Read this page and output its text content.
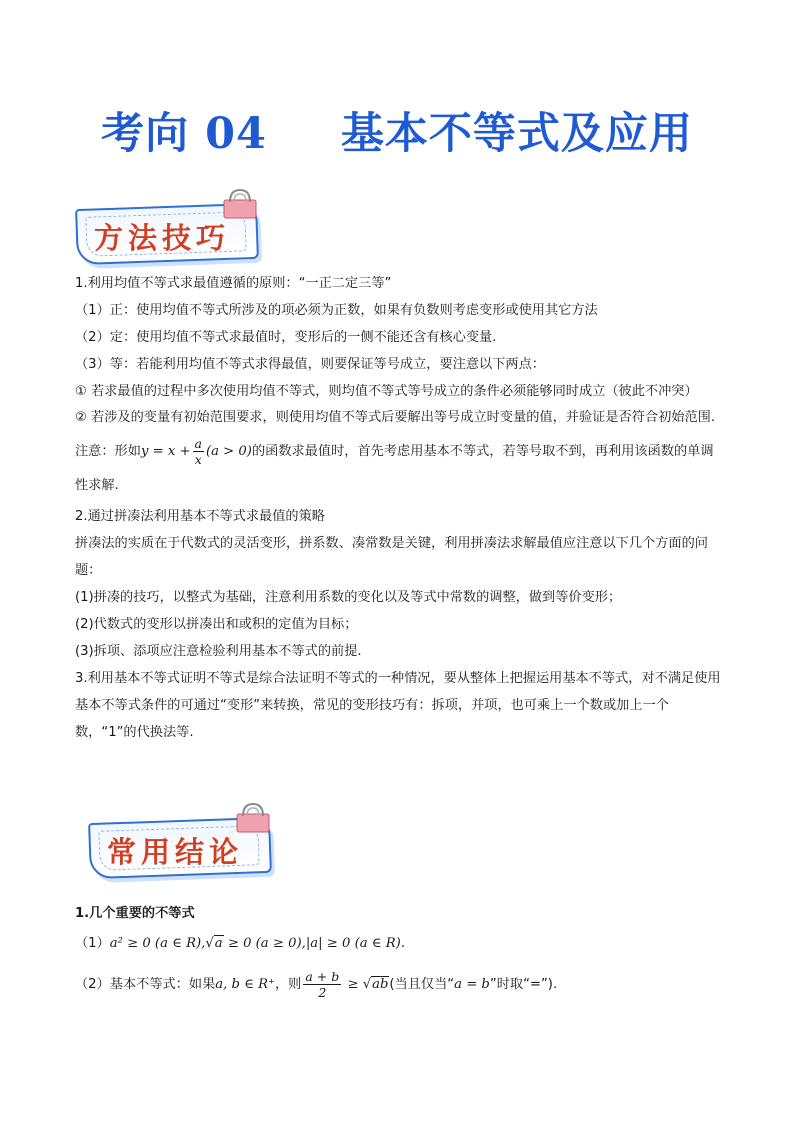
考向 04 基本不等式及应用
方法技巧
1.利用均值不等式求最值遵循的原则：“一正二定三等”
（1）正：使用均值不等式所涉及的项必须为正数，如果有负数则考虑变形或使用其它方法
（2）定：使用均值不等式求最值时，变形后的一侧不能还含有核心变量.
（3）等：若能利用均值不等式求得最值，则要保证等号成立，要注意以下两点：
① 若求最值的过程中多次使用均值不等式，则均值不等式等号成立的条件必须能够同时成立（彼此不冲突）
② 若涉及的变量有初始范围要求，则使用均值不等式后要解出等号成立时变量的值，并验证是否符合初始范围.
注意：形如$y = x + \frac{a}{x} (a > 0)$的函数求最值时，首先考虑用基本不等式，若等号取不到，再利用该函数的单调性求解.
2.通过拼凑法利用基本不等式求最值的策略
拼凑法的实质在于代数式的灵活变形，拼系数、凑常数是关键，利用拼凑法求解最值应注意以下几个方面的问题：
(1)拼凑的技巧，以整式为基础，注意利用系数的变化以及等式中常数的调整，做到等价变形；
(2)代数式的变形以拼凑出和或积的定值为目标；
(3)拆项、添项应注意检验利用基本不等式的前提.
3.利用基本不等式证明不等式是综合法证明不等式的一种情况，要从整体上把握运用基本不等式，对不满足使用基本不等式条件的可通过“变形”来转换，常见的变形技巧有：拆项，并项，也可乘上一个数或加上一个数，“1”的代换法等.
常用结论
1.几个重要的不等式
（1）a² ≥ 0 (a ∈ R),√a ≥ 0 (a ≥ 0),|a| ≥ 0 (a ∈ R).
（2）基本不等式：如果a, b ∈ R⁺，则 $\frac{a + b}{2} \ge √ab$(当且仅当“a = b”时取“=”).
